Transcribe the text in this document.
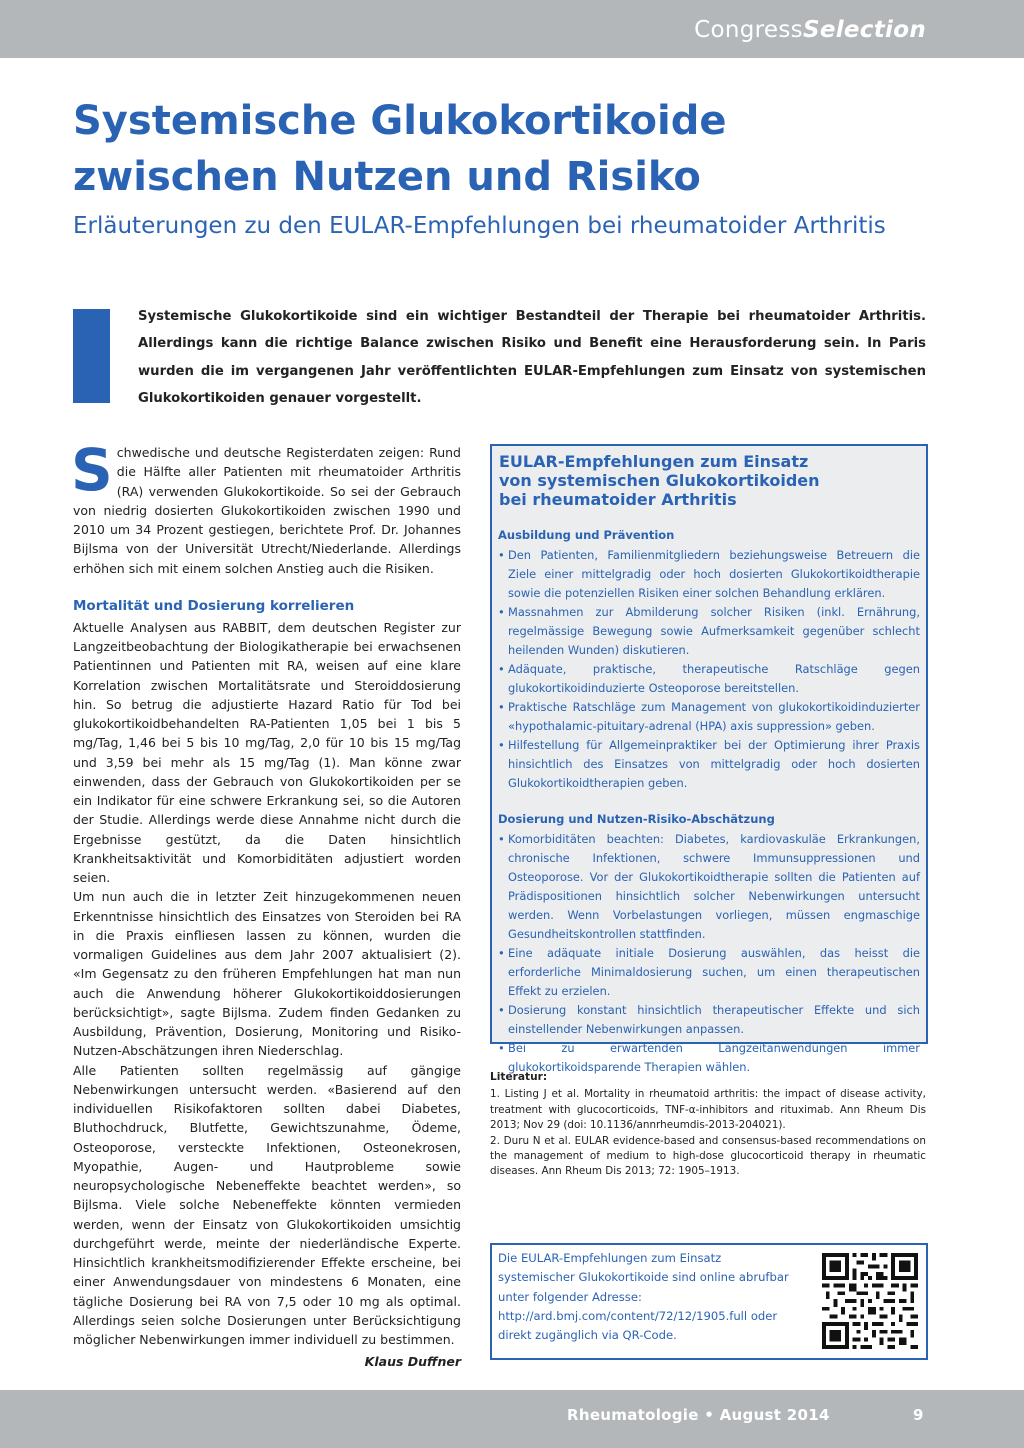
CongressSelection
Systemische Glukokortikoide
zwischen Nutzen und Risiko
Erläuterungen zu den EULAR-Empfehlungen bei rheumatoider Arthritis
Systemische Glukokortikoide sind ein wichtiger Bestandteil der Therapie bei rheumatoider Arthritis. Allerdings kann die richtige Balance zwischen Risiko und Benefit eine Herausforderung sein. In Paris wurden die im vergangenen Jahr veröffentlichten EULAR-Empfehlungen zum Einsatz von systemischen Glukokortikoiden genauer vorgestellt.

Schwedische und deutsche Registerdaten zeigen: Rund die Hälfte aller Patienten mit rheumatoider Arthritis (RA) verwenden Glukokortikoide. So sei der Gebrauch von niedrig dosierten Glukokortikoiden zwischen 1990 und 2010 um 34 Prozent gestiegen, berichtete Prof. Dr. Johannes Bijlsma von der Universität Utrecht/Niederlande. Allerdings erhöhen sich mit einem solchen Anstieg auch die Risiken.

Mortalität und Dosierung korrelieren

Aktuelle Analysen aus RABBIT, dem deutschen Register zur Langzeitbeobachtung der Biologikatherapie bei erwachsenen Patientinnen und Patienten mit RA, weisen auf eine klare Korrelation zwischen Mortalitätsrate und Steroiddosierung hin. So betrug die adjustierte Hazard Ratio für Tod bei glukokortikoidbehandelten RA-Patienten 1,05 bei 1 bis 5 mg/Tag, 1,46 bei 5 bis 10 mg/Tag, 2,0 für 10 bis 15 mg/Tag und 3,59 bei mehr als 15 mg/Tag (1). Man könne zwar einwenden, dass der Gebrauch von Glukokortikoiden per se ein Indikator für eine schwere Erkrankung sei, so die Autoren der Studie. Allerdings werde diese Annahme nicht durch die Ergebnisse gestützt, da die Daten hinsichtlich Krankheitsaktivität und Komorbiditäten adjustiert worden seien.

Um nun auch die in letzter Zeit hinzugekommenen neuen Erkenntnisse hinsichtlich des Einsatzes von Steroiden bei RA in die Praxis einfliesen lassen zu können, wurden die vormaligen Guidelines aus dem Jahr 2007 aktualisiert (2). «Im Gegensatz zu den früheren Empfehlungen hat man nun auch die Anwendung höherer Glukokortikoiddosierungen berücksichtigt», sagte Bijlsma. Zudem finden Gedanken zu Ausbildung, Prävention, Dosierung, Monitoring und Risiko-Nutzen-Abschätzungen ihren Niederschlag.

Alle Patienten sollten regelmässig auf gängige Nebenwirkungen untersucht werden. «Basierend auf den individuellen Risikofaktoren sollten dabei Diabetes, Bluthochdruck, Blutfette, Gewichtszunahme, Ödeme, Osteoporose, versteckte Infektionen, Osteonekrosen, Myopathie, Augen- und Hautprobleme sowie neuropsychologische Nebeneffekte beachtet werden», so Bijlsma. Viele solche Nebeneffekte könnten vermieden werden, wenn der Einsatz von Glukokortikoiden umsichtig durchgeführt werde, meinte der niederländische Experte. Hinsichtlich krankheitsmodifizierender Effekte erscheine, bei einer Anwendungsdauer von mindestens 6 Monaten, eine tägliche Dosierung bei RA von 7,5 oder 10 mg als optimal. Allerdings seien solche Dosierungen unter Berücksichtigung möglicher Nebenwirkungen immer individuell zu bestimmen.

Klaus Duffner
EULAR-Empfehlungen zum Einsatz
von systemischen Glukokortikoiden
bei rheumatoider Arthritis
Ausbildung und Prävention
• Den Patienten, Familienmitgliedern beziehungsweise Betreuern die Ziele einer mittelgradig oder hoch dosierten Glukokortikoidtherapie sowie die potenziellen Risiken einer solchen Behandlung erklären.
• Massnahmen zur Abmilderung solcher Risiken (inkl. Ernährung, regelmässige Bewegung sowie Aufmerksamkeit gegenüber schlecht heilenden Wunden) diskutieren.
• Adäquate, praktische, therapeutische Ratschläge gegen glukokortikoidinduzierte Osteoporose bereitstellen.
• Praktische Ratschläge zum Management von glukokortikoidinduzierter «hypothalamic-pituitary-adrenal (HPA) axis suppression» geben.
• Hilfestellung für Allgemeinpraktiker bei der Optimierung ihrer Praxis hinsichtlich des Einsatzes von mittelgradig oder hoch dosierten Glukokortikoidtherapien geben.
Dosierung und Nutzen-Risiko-Abschätzung
• Komorbiditäten beachten: Diabetes, kardiovaskuläe Erkrankungen, chronische Infektionen, schwere Immunsuppressionen und Osteoporose. Vor der Glukokortikoidtherapie sollten die Patienten auf Prädispositionen hinsichtlich solcher Nebenwirkungen untersucht werden. Wenn Vorbelastungen vorliegen, müssen engmaschige Gesundheitskontrollen stattfinden.
• Eine adäquate initiale Dosierung auswählen, das heisst die erforderliche Minimaldosierung suchen, um einen therapeutischen Effekt zu erzielen.
• Dosierung konstant hinsichtlich therapeutischer Effekte und sich einstellender Nebenwirkungen anpassen.
• Bei zu erwartenden Langzeitanwendungen immer glukokortikoidsparende Therapien wählen.
Literatur:
1. Listing J et al. Mortality in rheumatoid arthritis: the impact of disease activity, treatment with glucocorticoids, TNF-α-inhibitors and rituximab. Ann Rheum Dis 2013; Nov 29 (doi: 10.1136/annrheumdis-2013-204021).
2. Duru N et al. EULAR evidence-based and consensus-based recommendations on the management of medium to high-dose glucocorticoid therapy in rheumatic diseases. Ann Rheum Dis 2013; 72: 1905–1913.
Die EULAR-Empfehlungen zum Einsatz systemischer Glukokortikoide sind online abrufbar unter folgender Adresse: http://ard.bmj.com/content/72/12/1905.full oder direkt zugänglich via QR-Code.
Rheumatologie • August 2014	9
